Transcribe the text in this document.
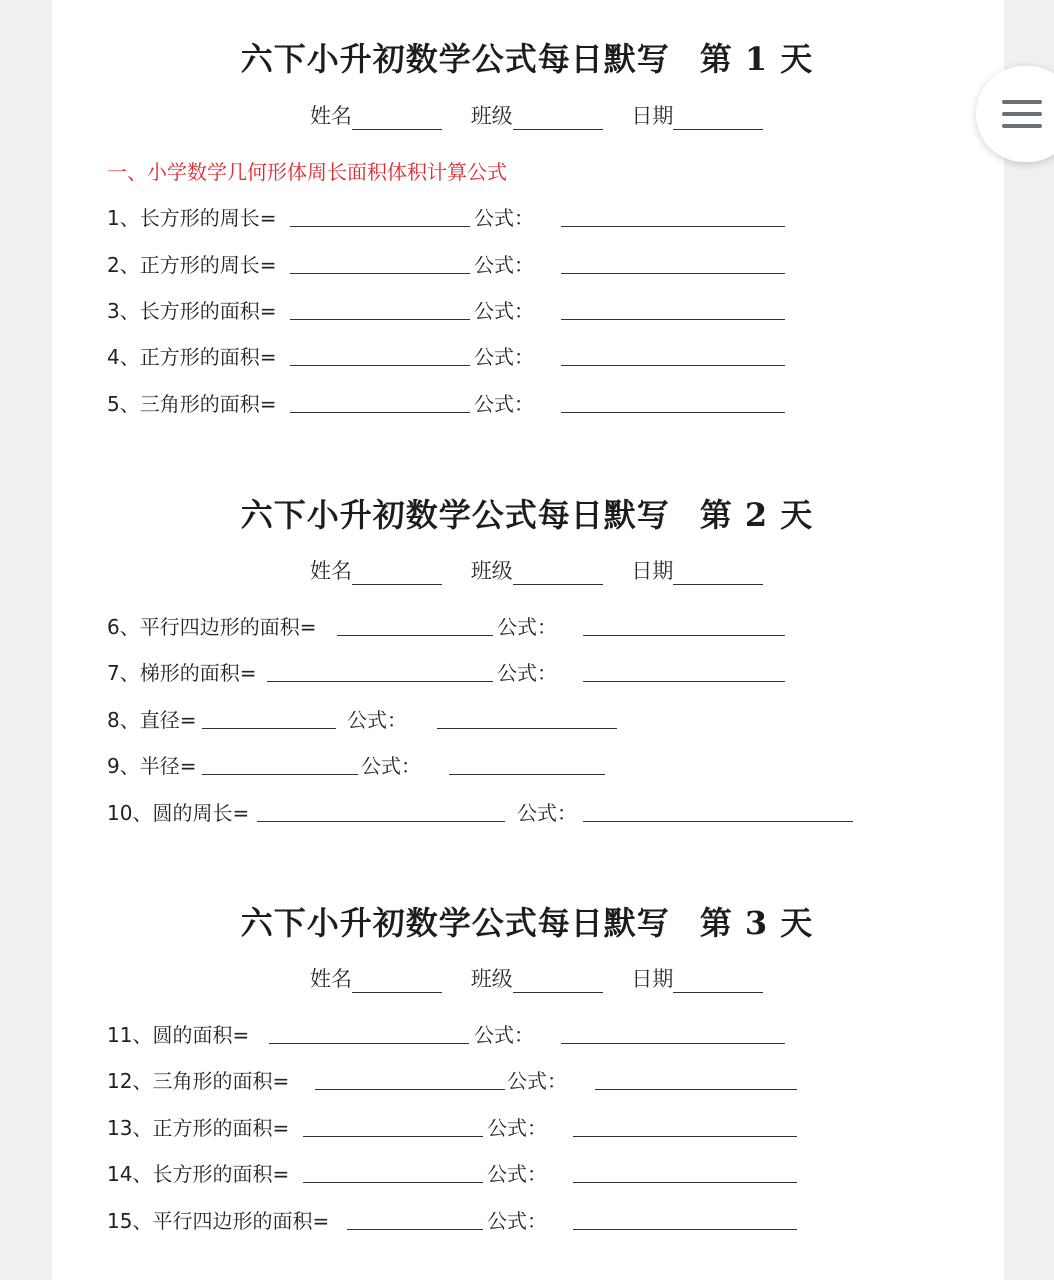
六下小升初数学公式每日默写 第 1 天
姓名	班级	日期
一、小学数学几何形体周长面积体积计算公式
1、长方形的周长=	公式：
2、正方形的周长=	公式：
3、长方形的面积=	公式：
4、正方形的面积=	公式：
5、三角形的面积=	公式：
六下小升初数学公式每日默写 第 2 天
姓名	班级	日期
6、平行四边形的面积=	公式：
7、梯形的面积=	公式：
8、直径=	公式：
9、半径=	公式：
10、圆的周长=	公式：
六下小升初数学公式每日默写 第 3 天
姓名	班级	日期
11、圆的面积=	公式：
12、三角形的面积=	公式：
13、正方形的面积=	公式：
14、长方形的面积=	公式：
15、平行四边形的面积=	公式：
